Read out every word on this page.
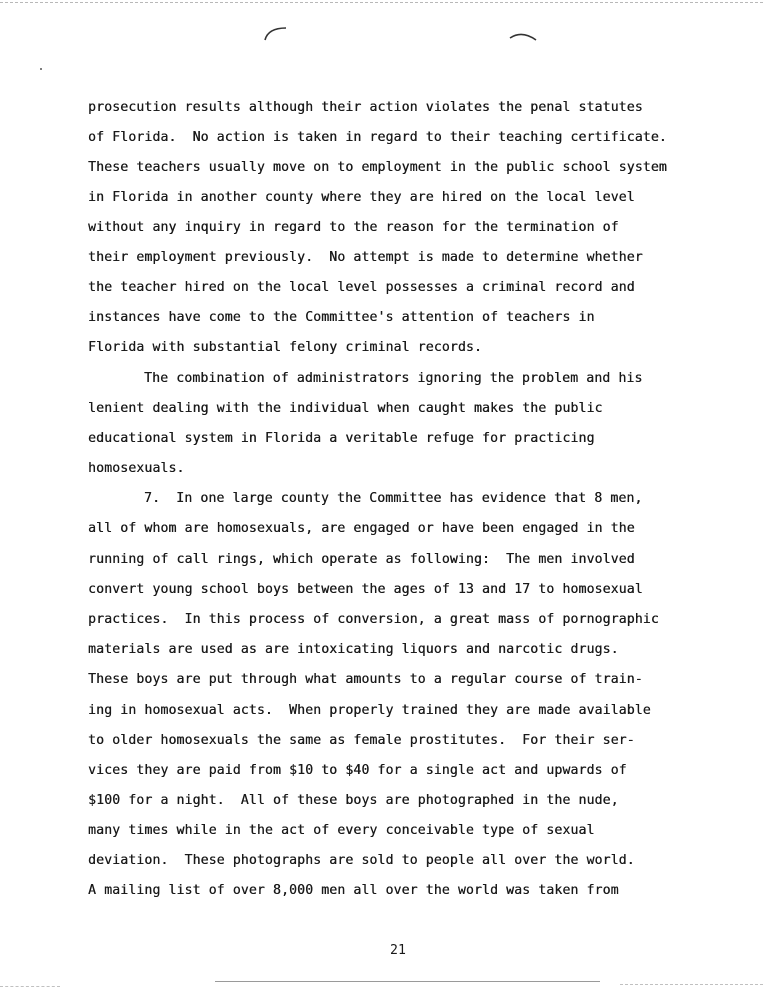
prosecution results although their action violates the penal statutes
of Florida.  No action is taken in regard to their teaching certificate.
These teachers usually move on to employment in the public school system
in Florida in another county where they are hired on the local level
without any inquiry in regard to the reason for the termination of
their employment previously.  No attempt is made to determine whether
the teacher hired on the local level possesses a criminal record and
instances have come to the Committee's attention of teachers in
Florida with substantial felony criminal records.
The combination of administrators ignoring the problem and his
lenient dealing with the individual when caught makes the public
educational system in Florida a veritable refuge for practicing
homosexuals.
7.  In one large county the Committee has evidence that 8 men,
all of whom are homosexuals, are engaged or have been engaged in the
running of call rings, which operate as following:  The men involved
convert young school boys between the ages of 13 and 17 to homosexual
practices.  In this process of conversion, a great mass of pornographic
materials are used as are intoxicating liquors and narcotic drugs.
These boys are put through what amounts to a regular course of train-
ing in homosexual acts.  When properly trained they are made available
to older homosexuals the same as female prostitutes.  For their ser-
vices they are paid from $10 to $40 for a single act and upwards of
$100 for a night.  All of these boys are photographed in the nude,
many times while in the act of every conceivable type of sexual
deviation.  These photographs are sold to people all over the world.
A mailing list of over 8,000 men all over the world was taken from
21
